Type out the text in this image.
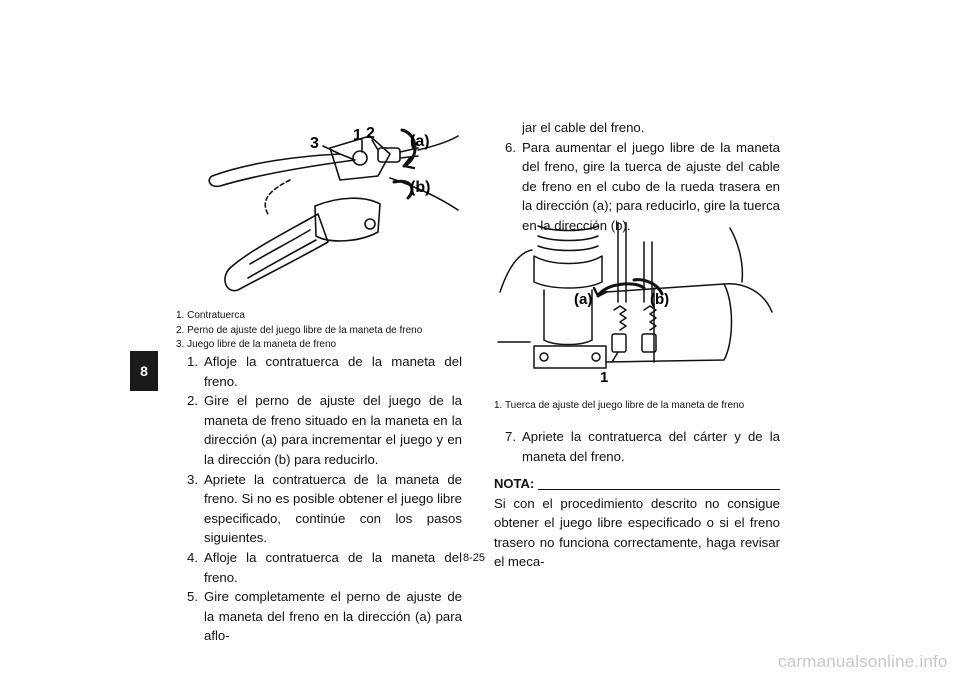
8
3 1 2 (a)
(b)
1. Contratuerca
2. Perno de ajuste del juego libre de la maneta de freno
3. Juego libre de la maneta de freno
1. Afloje la contratuerca de la maneta del freno.
2. Gire el perno de ajuste del juego de la maneta de freno situado en la maneta en la dirección (a) para incrementar el juego y en la dirección (b) para reducirlo.
3. Apriete la contratuerca de la maneta de freno. Si no es posible obtener el juego libre especificado, continúe con los pasos siguientes.
4. Afloje la contratuerca de la maneta del freno.
5. Gire completamente el perno de ajuste de la maneta del freno en la dirección (a) para aflo-
jar el cable del freno.
6. Para aumentar el juego libre de la maneta del freno, gire la tuerca de ajuste del cable de freno en el cubo de la rueda trasera en la dirección (a); para reducirlo, gire la tuerca en la dirección (b).
(a)	(b)
1
1. Tuerca de ajuste del juego libre de la maneta de freno
7. Apriete la contratuerca del cárter y de la maneta del freno.
NOTA:
Si con el procedimiento descrito no consigue obtener el juego libre especificado o si el freno trasero no funciona correctamente, haga revisar el meca-
8-25
carmanualsonline.info
